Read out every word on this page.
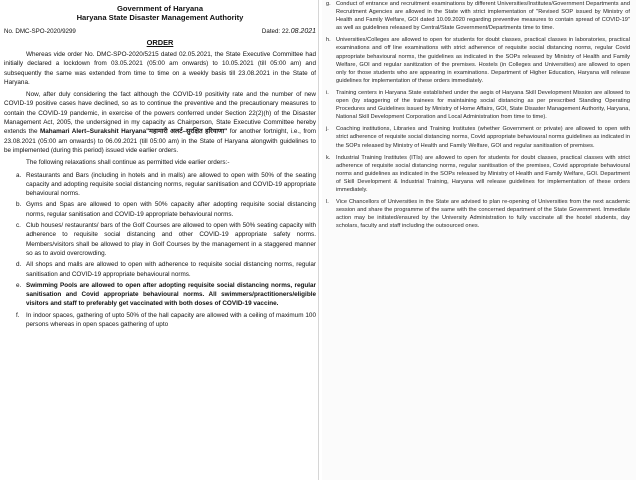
Government of Haryana
Haryana State Disaster Management Authority
No. DMC-SPO-2020/9299	Dated: 22.08.2021
ORDER

Whereas vide order No. DMC-SPO-2020/5215 dated 02.05.2021, the State Executive Committee had initially declared a lockdown from 03.05.2021 (05:00 am onwards) to 10.05.2021 (till 05:00 am) and subsequently the same was extended from time to time on a weekly basis till 23.08.2021 in the State of Haryana.

Now, after duly considering the fact although the COVID-19 positivity rate and the number of new COVID-19 positive cases have declined, so as to continue the preventive and the precautionary measures to contain the COVID-19 pandemic, in exercise of the powers conferred under Section 22(2)(h) of the Disaster Management Act, 2005, the undersigned in my capacity as Chairperson, State Executive Committee hereby extends the Mahamari Alert–Surakshit Haryana"महामारी अलर्ट–सुरक्षित हरियाणा" for another fortnight, i.e., from 23.08.2021 (05:00 am onwards) to 06.09.2021 (till 05:00 am) in the State of Haryana alongwith guidelines to be implemented (during this period) issued vide earlier orders.

The following relaxations shall continue as permitted vide earlier orders:-

a. Restaurants and Bars (including in hotels and in malls) are allowed to open with 50% of the seating capacity and adopting requisite social distancing norms, regular sanitisation and COVID-19 appropriate behavioural norms.
b. Gyms and Spas are allowed to open with 50% capacity after adopting requisite social distancing norms, regular sanitisation and COVID-19 appropriate behavioural norms.
c. Club houses/ restaurants/ bars of the Golf Courses are allowed to open with 50% seating capacity with adherence to requisite social distancing and other COVID-19 appropriate safety norms. Members/visitors shall be allowed to play in Golf Courses by the management in a staggered manner so as to avoid overcrowding.
d. All shops and malls are allowed to open with adherence to requisite social distancing norms, regular sanitisation and COVID-19 appropriate behavioural norms.
e. Swimming Pools are allowed to open after adopting requisite social distancing norms, regular sanitisation and Covid appropriate behavioural norms. All swimmers/practitioners/eligible visitors and staff to preferably get vaccinated with both doses of COVID-19 vaccine.
f. In indoor spaces, gathering of upto 50% of the hall capacity are allowed with a ceiling of maximum 100 persons whereas in open spaces gathering of upto
g. Conduct of entrance and recruitment examinations by different Universities/Institutes/Government Departments and Recruitment Agencies are allowed in the State with strict implementation of "Revised SOP issued by Ministry of Health and Family Welfare, GOI dated 10.09.2020 regarding preventive measures to contain spread of COVID-19" as well as guidelines released by Central/State Government/Departments time to time.
h. Universities/Colleges are allowed to open for students for doubt classes, practical classes in laboratories, practical examinations and off line examinations with strict adherence of requisite social distancing norms, regular Covid appropriate behavioural norms, the guidelines as indicated in the SOPs released by Ministry of Health and Family Welfare, GOI and regular sanitization of the premises. Hostels (in Colleges and Universities) are allowed to open only for those students who are appearing in examinations. Department of Higher Education, Haryana will release guidelines for implementation of these orders immediately.
i. Training centers in Haryana State established under the aegis of Haryana Skill Development Mission are allowed to open (by staggering of the trainees for maintaining social distancing as per prescribed Standing Operating Procedures and Guidelines issued by Ministry of Home Affairs, GOI, State Disaster Management Authority, Haryana, National Skill Development Corporation and Local Administration from time to time).
j. Coaching institutions, Libraries and Training Institutes (whether Government or private) are allowed to open with strict adherence of requisite social distancing norms, Covid appropriate behavioural norms guidelines as indicated in the SOPs released by Ministry of Health and Family Welfare, GOI and regular sanitisation of premises.
k. Industrial Training Institutes (ITIs) are allowed to open for students for doubt classes, practical classes with strict adherence of requisite social distancing norms, regular sanitisation of the premises, Covid appropriate behavioural norms and guidelines as indicated in the SOPs released by Ministry of Health and Family Welfare, GOI. Department of Skill Development & Industrial Training, Haryana will release guidelines for implementation of these orders immediately.
l. Vice Chancellors of Universities in the State are advised to plan re-opening of Universities from the next academic session and share the programme of the same with the concerned department of the State Government. Immediate action may be initiated/ensured by the University Administration to fully vaccinate all the hostel students, day scholars, faculty and staff including the outsourced ones.
